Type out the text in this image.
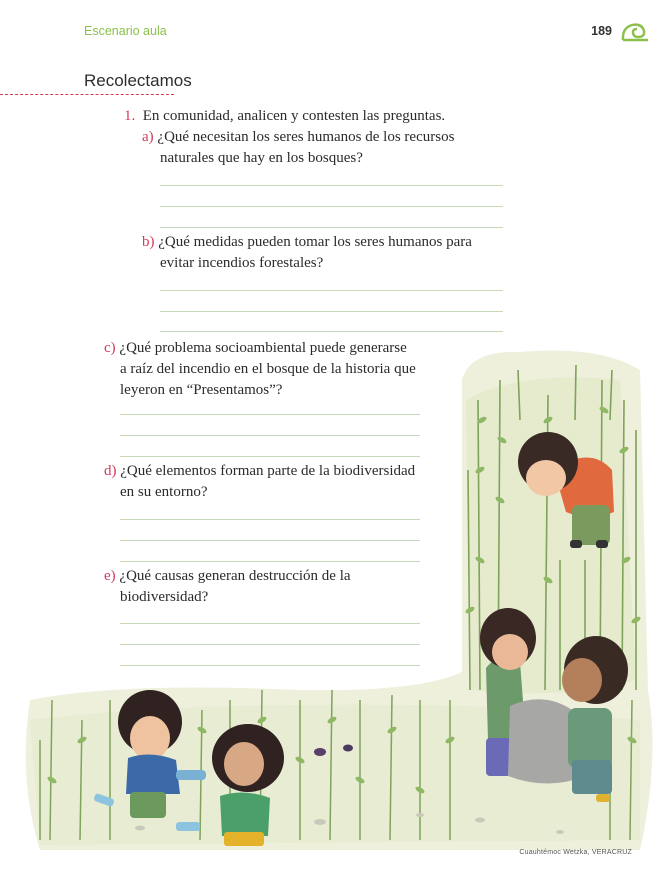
Escenario aula	189
Recolectamos
1. En comunidad, analicen y contesten las preguntas.
a) ¿Qué necesitan los seres humanos de los recursos
naturales que hay en los bosques?
b) ¿Qué medidas pueden tomar los seres humanos para
evitar incendios forestales?
c) ¿Qué problema socioambiental puede generarse
a raíz del incendio en el bosque de la historia que
leyeron en “Presentamos”?
d) ¿Qué elementos forman parte de la biodiversidad
en su entorno?
e) ¿Qué causas generan destrucción de la
biodiversidad?
Cuauhtémoc Wetzka, VERACRUZ
